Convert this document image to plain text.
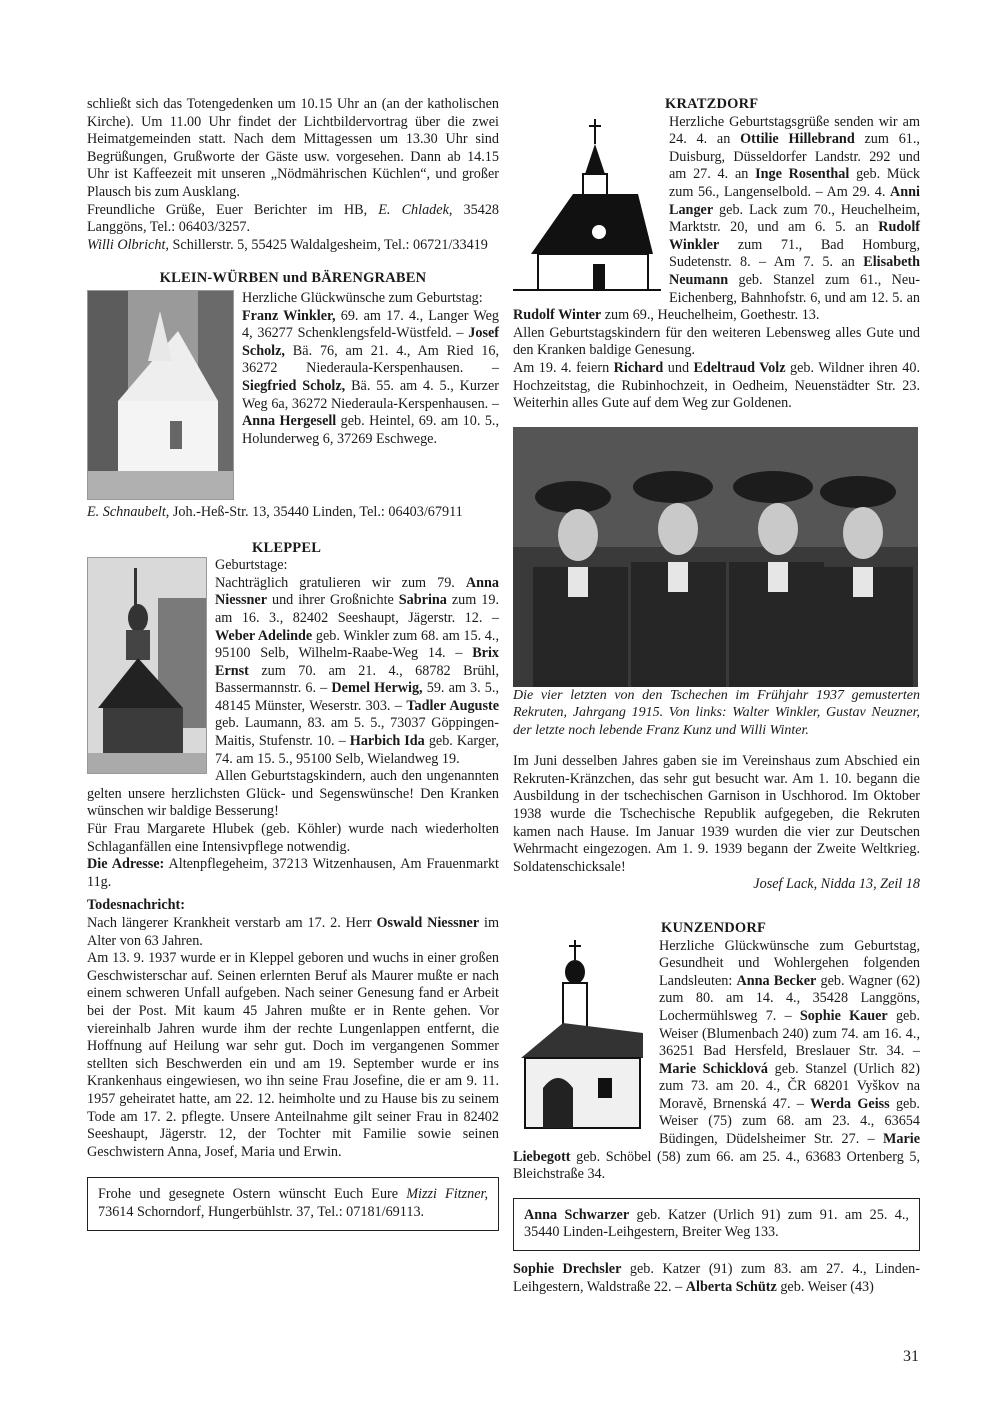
schließt sich das Totengedenken um 10.15 Uhr an (an der katholischen Kirche). Um 11.00 Uhr findet der Lichtbildervortrag über die zwei Heimatgemeinden statt. Nach dem Mittagessen um 13.30 Uhr sind Begrüßungen, Grußworte der Gäste usw. vorgesehen. Dann ab 14.15 Uhr ist Kaffeezeit mit unseren „Nödmährischen Küchlen“, und großer Plausch bis zum Ausklang.

Freundliche Grüße, Euer Berichter im HB, E. Chladek, 35428 Langgöns, Tel.: 06403/3257.

Willi Olbricht, Schillerstr. 5, 55425 Waldalgesheim, Tel.: 06721/33419

KLEIN-WÜRBEN und BÄRENGRABEN

Herzliche Glückwünsche zum Geburtstag:

Franz Winkler, 69. am 17. 4., Langer Weg 4, 36277 Schenklengsfeld-Wüstfeld. – Josef Scholz, Bä. 76, am 21. 4., Am Ried 16, 36272 Niederaula-Kerspenhausen. – Siegfried Scholz, Bä. 55. am 4. 5., Kurzer Weg 6a, 36272 Niederaula-Kerspenhausen. – Anna Hergesell geb. Heintel, 69. am 10. 5., Holunderweg 6, 37269 Eschwege.

E. Schnaubelt, Joh.-Heß-Str. 13, 35440 Linden, Tel.: 06403/67911

KLEPPEL

Geburtstage:

Nachträglich gratulieren wir zum 79. Anna Niessner und ihrer Großnichte Sabrina zum 19. am 16. 3., 82402 Seeshaupt, Jägerstr. 12. – Weber Adelinde geb. Winkler zum 68. am 15. 4., 95100 Selb, Wilhelm-Raabe-Weg 14. – Brix Ernst zum 70. am 21. 4., 68782 Brühl, Bassermannstr. 6. – Demel Herwig, 59. am 3. 5., 48145 Münster, Weserstr. 303. – Tadler Auguste geb. Laumann, 83. am 5. 5., 73037 Göppingen-Maitis, Stufenstr. 10. – Harbich Ida geb. Karger, 74. am 15. 5., 95100 Selb, Wielandweg 19.

Allen Geburtstagskindern, auch den ungenannten gelten unsere herzlichsten Glück- und Segenswünsche! Den Kranken wünschen wir baldige Besserung!

Für Frau Margarete Hlubek (geb. Köhler) wurde nach wiederholten Schlaganfällen eine Intensivpflege notwendig.

Die Adresse: Altenpflegeheim, 37213 Witzenhausen, Am Frauenmarkt 11g.

Todesnachricht:

Nach längerer Krankheit verstarb am 17. 2. Herr Oswald Niessner im Alter von 63 Jahren.

Am 13. 9. 1937 wurde er in Kleppel geboren und wuchs in einer großen Geschwisterschar auf. Seinen erlernten Beruf als Maurer mußte er nach einem schweren Unfall aufgeben. Nach seiner Genesung fand er Arbeit bei der Post. Mit kaum 45 Jahren mußte er in Rente gehen. Vor viereinhalb Jahren wurde ihm der rechte Lungenlappen entfernt, die Hoffnung auf Heilung war sehr gut. Doch im vergangenen Sommer stellten sich Beschwerden ein und am 19. September wurde er ins Krankenhaus eingewiesen, wo ihn seine Frau Josefine, die er am 9. 11. 1957 geheiratet hatte, am 22. 12. heimholte und zu Hause bis zu seinem Tode am 17. 2. pflegte. Unsere Anteilnahme gilt seiner Frau in 82402 Seeshaupt, Jägerstr. 12, der Tochter mit Familie sowie seinen Geschwistern Anna, Josef, Maria und Erwin.

Frohe und gesegnete Ostern wünscht Euch Eure Mizzi Fitzner, 73614 Schorndorf, Hungerbühlstr. 37, Tel.: 07181/69113.
KRATZDORF

Herzliche Geburtstagsgrüße senden wir am 24. 4. an Ottilie Hillebrand zum 61., Duisburg, Düsseldorfer Landstr. 292 und am 27. 4. an Inge Rosenthal geb. Mück zum 56., Langenselbold. – Am 29. 4. Anni Langer geb. Lack zum 70., Heuchelheim, Marktstr. 20, und am 6. 5. an Rudolf Winkler zum 71., Bad Homburg, Sudetenstr. 8. – Am 7. 5. an Elisabeth Neumann geb. Stanzel zum 61., Neu-Eichenberg, Bahnhofstr. 6, und am 12. 5. an Rudolf Winter zum 69., Heuchelheim, Goethestr. 13.

Allen Geburtstagskindern für den weiteren Lebensweg alles Gute und den Kranken baldige Genesung.

Am 19. 4. feiern Richard und Edeltraud Volz geb. Wildner ihren 40. Hochzeitstag, die Rubinhochzeit, in Oedheim, Neuenstädter Str. 23. Weiterhin alles Gute auf dem Weg zur Goldenen.

Die vier letzten von den Tschechen im Frühjahr 1937 gemusterten Rekruten, Jahrgang 1915. Von links: Walter Winkler, Gustav Neuzner, der letzte noch lebende Franz Kunz und Willi Winter.

Im Juni desselben Jahres gaben sie im Vereinshaus zum Abschied ein Rekruten-Kränzchen, das sehr gut besucht war. Am 1. 10. begann die Ausbildung in der tschechischen Garnison in Uschhorod. Im Oktober 1938 wurde die Tschechische Republik aufgegeben, die Rekruten kamen nach Hause. Im Januar 1939 wurden die vier zur Deutschen Wehrmacht eingezogen. Am 1. 9. 1939 begann der Zweite Weltkrieg. Soldatenschicksale!

Josef Lack, Nidda 13, Zeil 18

KUNZENDORF

Herzliche Glückwünsche zum Geburtstag, Gesundheit und Wohlergehen folgenden Landsleuten: Anna Becker geb. Wagner (62) zum 80. am 14. 4., 35428 Langgöns, Lochermühlsweg 7. – Sophie Kauer geb. Weiser (Blumenbach 240) zum 74. am 16. 4., 36251 Bad Hersfeld, Breslauer Str. 34. – Marie Schicklová geb. Stanzel (Urlich 82) zum 73. am 20. 4., ČR 68201 Vyškov na Moravě, Brnenská 47. – Werda Geiss geb. Weiser (75) zum 68. am 23. 4., 63654 Büdingen, Düdelsheimer Str. 27. – Marie Liebegott geb. Schöbel (58) zum 66. am 25. 4., 63683 Ortenberg 5, Bleichstraße 34.

Anna Schwarzer geb. Katzer (Urlich 91) zum 91. am 25. 4., 35440 Linden-Leihgestern, Breiter Weg 133.

Sophie Drechsler geb. Katzer (91) zum 83. am 27. 4., Linden-Leihgestern, Waldstraße 22. – Alberta Schütz geb. Weiser (43)

31
